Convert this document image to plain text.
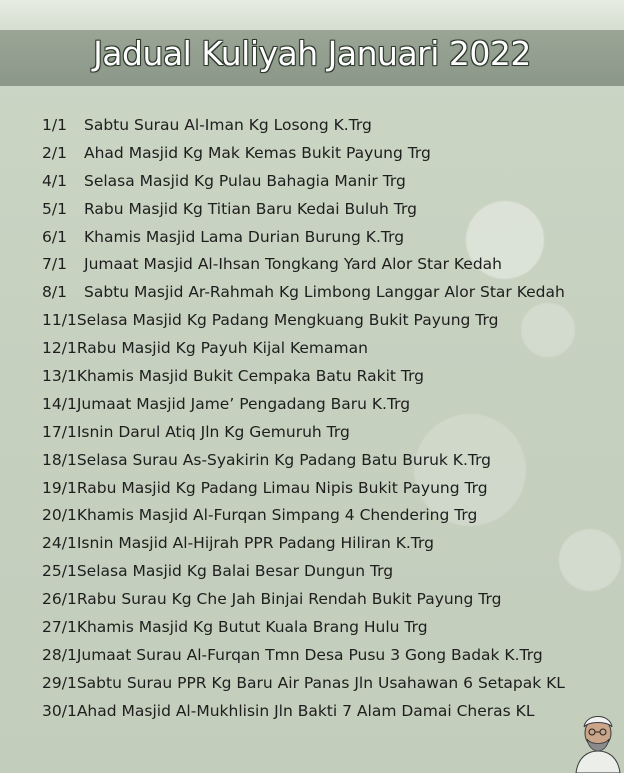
Jadual Kuliyah Januari 2022
1/1 Sabtu Surau Al-Iman Kg Losong K.Trg
2/1 Ahad Masjid Kg Mak Kemas Bukit Payung Trg
4/1 Selasa Masjid Kg Pulau Bahagia Manir Trg
5/1 Rabu Masjid Kg Titian Baru Kedai Buluh Trg
6/1 Khamis Masjid Lama Durian Burung K.Trg
7/1 Jumaat Masjid Al-Ihsan Tongkang Yard Alor Star Kedah
8/1 Sabtu Masjid Ar-Rahmah Kg Limbong Langgar Alor Star Kedah
11/1Selasa Masjid Kg Padang Mengkuang Bukit Payung Trg
12/1Rabu Masjid Kg Payuh Kijal Kemaman
13/1Khamis Masjid Bukit Cempaka Batu Rakit Trg
14/1Jumaat Masjid Jame’ Pengadang Baru K.Trg
17/1Isnin Darul Atiq Jln Kg Gemuruh Trg
18/1Selasa Surau As-Syakirin Kg Padang Batu Buruk K.Trg
19/1Rabu Masjid Kg Padang Limau Nipis Bukit Payung Trg
20/1Khamis Masjid Al-Furqan Simpang 4 Chendering Trg
24/1Isnin Masjid Al-Hijrah PPR Padang Hiliran K.Trg
25/1Selasa Masjid Kg Balai Besar Dungun Trg
26/1Rabu Surau Kg Che Jah Binjai Rendah Bukit Payung Trg
27/1Khamis Masjid Kg Butut Kuala Brang Hulu Trg
28/1Jumaat Surau Al-Furqan Tmn Desa Pusu 3 Gong Badak K.Trg
29/1Sabtu Surau PPR Kg Baru Air Panas Jln Usahawan 6 Setapak KL
30/1Ahad Masjid Al-Mukhlisin Jln Bakti 7 Alam Damai Cheras KL
